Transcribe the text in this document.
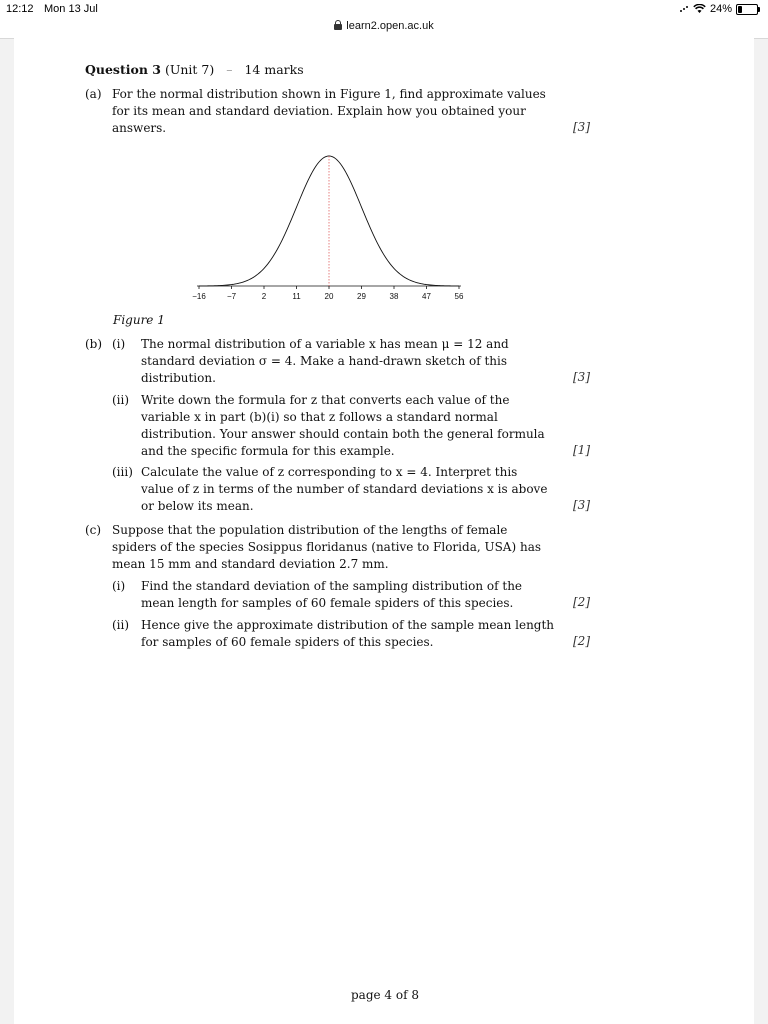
12:12 Mon 13 Jul	24%
learn2.open.ac.uk
Question 3 (Unit 7) – 14 marks
(a) For the normal distribution shown in Figure 1, find approximate values
for its mean and standard deviation. Explain how you obtained your
answers.	[3]
−16	−7	2	11	20	29	38	47	56
Figure 1
(b) (i) The normal distribution of a variable x has mean μ = 12 and
standard deviation σ = 4. Make a hand-drawn sketch of this
distribution.	[3]
(ii) Write down the formula for z that converts each value of the
variable x in part (b)(i) so that z follows a standard normal
distribution. Your answer should contain both the general formula
and the specific formula for this example.	[1]
(iii) Calculate the value of z corresponding to x = 4. Interpret this
value of z in terms of the number of standard deviations x is above
or below its mean.	[3]
(c) Suppose that the population distribution of the lengths of female
spiders of the species Sosippus floridanus (native to Florida, USA) has
mean 15 mm and standard deviation 2.7 mm.
(i) Find the standard deviation of the sampling distribution of the
mean length for samples of 60 female spiders of this species.	[2]
(ii) Hence give the approximate distribution of the sample mean length
for samples of 60 female spiders of this species.	[2]
page 4 of 8
